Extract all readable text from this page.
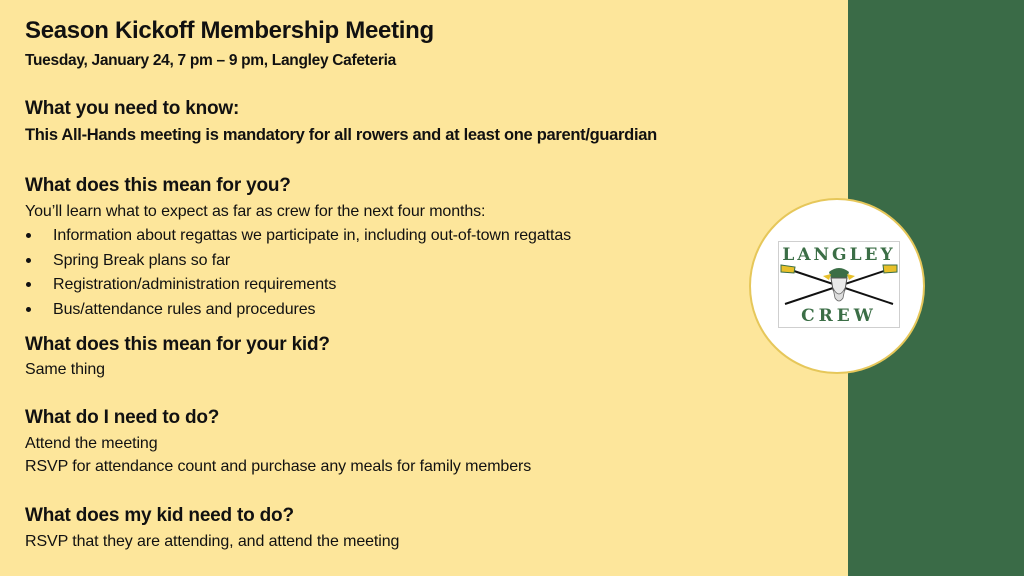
Season Kickoff Membership Meeting
Tuesday, January 24, 7 pm – 9 pm, Langley Cafeteria
What you need to know:
This All-Hands meeting is mandatory for all rowers and at least one parent/guardian
What does this mean for you?
You’ll learn what to expect as far as crew for the next four months:
Information about regattas we participate in, including out-of-town regattas
Spring Break plans so far
Registration/administration requirements
Bus/attendance rules and procedures
What does this mean for your kid?
Same thing
What do I need to do?
Attend the meeting
RSVP for attendance count and purchase any meals for family members
What does my kid need to do?
RSVP that they are attending, and attend the meeting
LANGLEY
CREW
